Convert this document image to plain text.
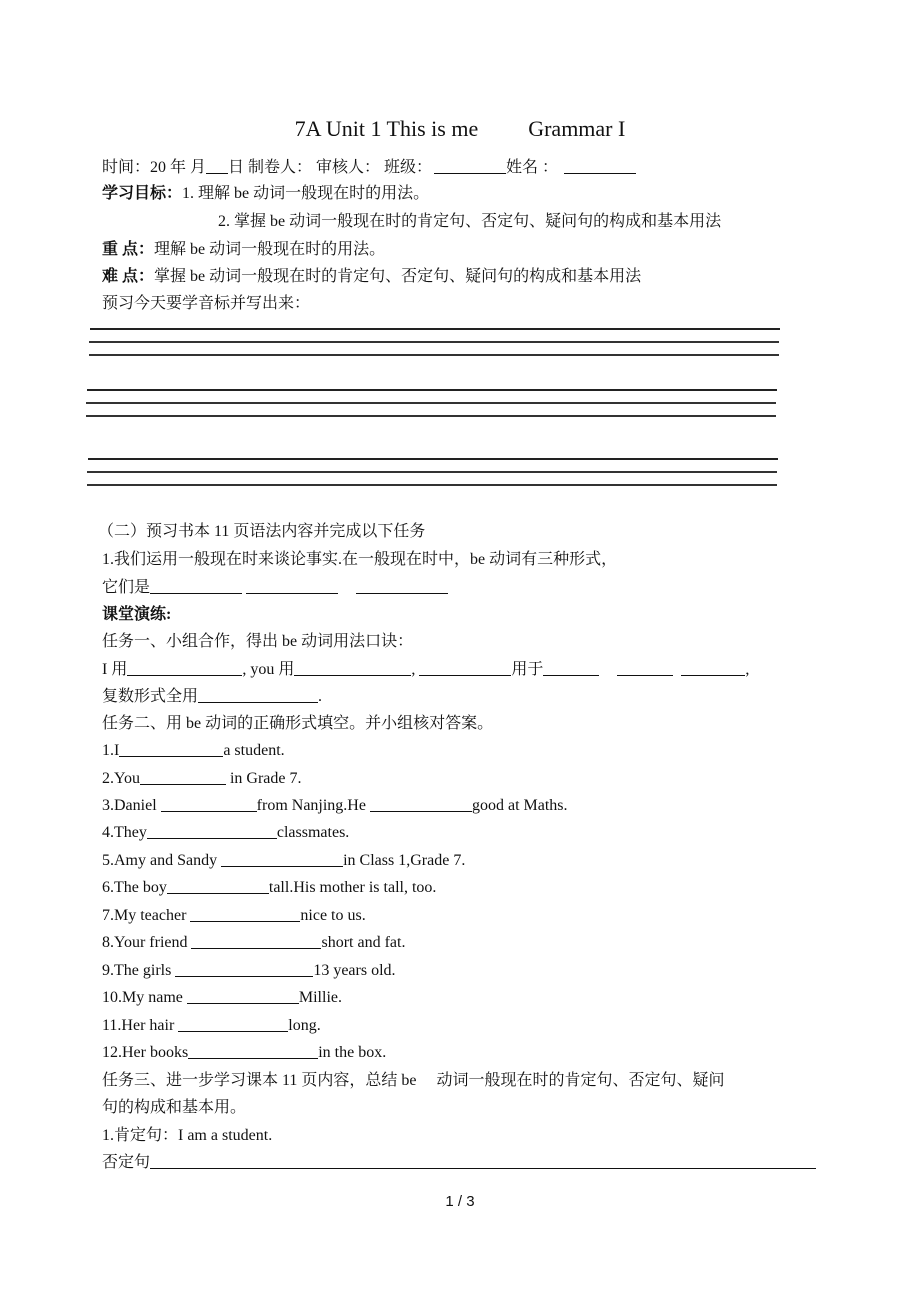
7A Unit 1 This is me Grammar I
时间：20 年 月 日 制卷人： 审核人： 班级：	姓名 ：
学习目标：1. 理解 be 动词一般现在时的用法。
2. 掌握 be 动词一般现在时的肯定句、否定句、疑问句的构成和基本用法
重 点：理解 be 动词一般现在时的用法。
难 点：掌握 be 动词一般现在时的肯定句、否定句、疑问句的构成和基本用法
预习今天要学音标并写出来：
（二）预习书本 11 页语法内容并完成以下任务
1.我们运用一般现在时来谈论事实.在一般现在时中，be 动词有三种形式，
它们是
课堂演练:
任务一、小组合作，得出 be 动词用法口诀：
I 用	, you 用	,	用于	,
复数形式全用	.
任务二、用 be 动词的正确形式填空。并小组核对答案。
1.I	a student.
2.You	in Grade 7.
3.Daniel	from Nanjing.He	good at Maths.
4.They	classmates.
5.Amy and Sandy	in Class 1,Grade 7.
6.The boy	tall.His mother is tall, too.
7.My teacher	nice to us.
8.Your friend	short and fat.
9.The girls	13 years old.
10.My name	Millie.
11.Her hair	long.
12.Her books	in the box.
任务三、进一步学习课本 11 页内容，总结 be     动词一般现在时的肯定句、否定句、疑问
句的构成和基本用。
1.肯定句：I am a student.
否定句
1 / 3
